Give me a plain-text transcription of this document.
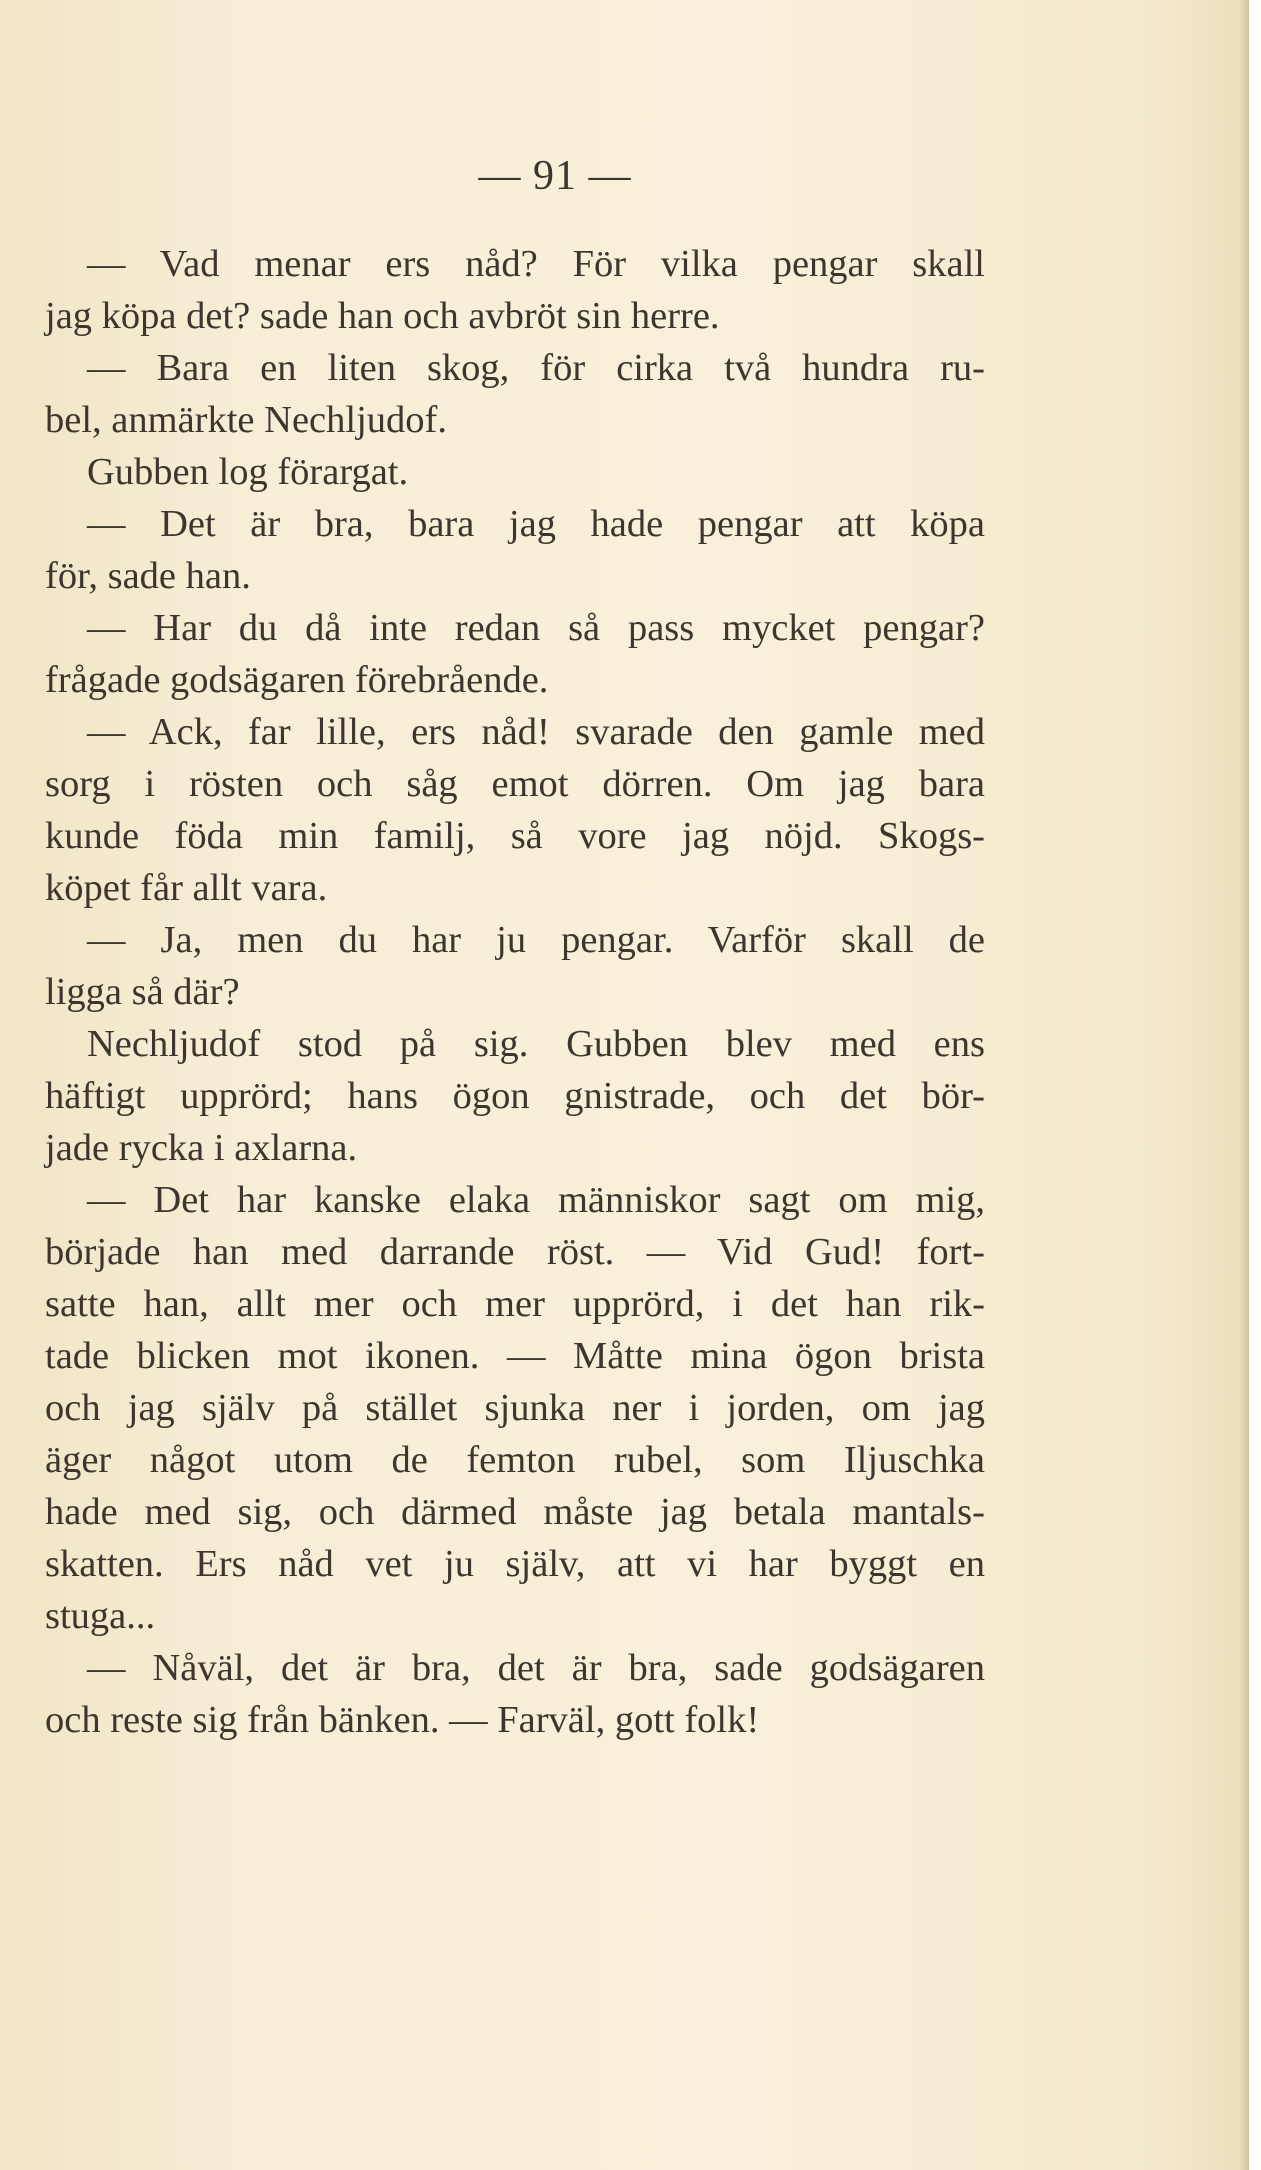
— 91 —
— Vad menar ers nåd? För vilka pengar skall
jag köpa det? sade han och avbröt sin herre.
— Bara en liten skog, för cirka två hundra ru-
bel, anmärkte Nechljudof.
Gubben log förargat.
— Det är bra, bara jag hade pengar att köpa
för, sade han.
— Har du då inte redan så pass mycket pengar?
frågade godsägaren förebrående.
— Ack, far lille, ers nåd! svarade den gamle med
sorg i rösten och såg emot dörren. Om jag bara
kunde föda min familj, så vore jag nöjd. Skogs-
köpet får allt vara.
— Ja, men du har ju pengar. Varför skall de
ligga så där?
Nechljudof stod på sig. Gubben blev med ens
häftigt upprörd; hans ögon gnistrade, och det bör-
jade rycka i axlarna.
— Det har kanske elaka människor sagt om mig,
började han med darrande röst. — Vid Gud! fort-
satte han, allt mer och mer upprörd, i det han rik-
tade blicken mot ikonen. — Måtte mina ögon brista
och jag själv på stället sjunka ner i jorden, om jag
äger något utom de femton rubel, som Iljuschka
hade med sig, och därmed måste jag betala mantals-
skatten. Ers nåd vet ju själv, att vi har byggt en
stuga...
— Nåväl, det är bra, det är bra, sade godsägaren
och reste sig från bänken. — Farväl, gott folk!
